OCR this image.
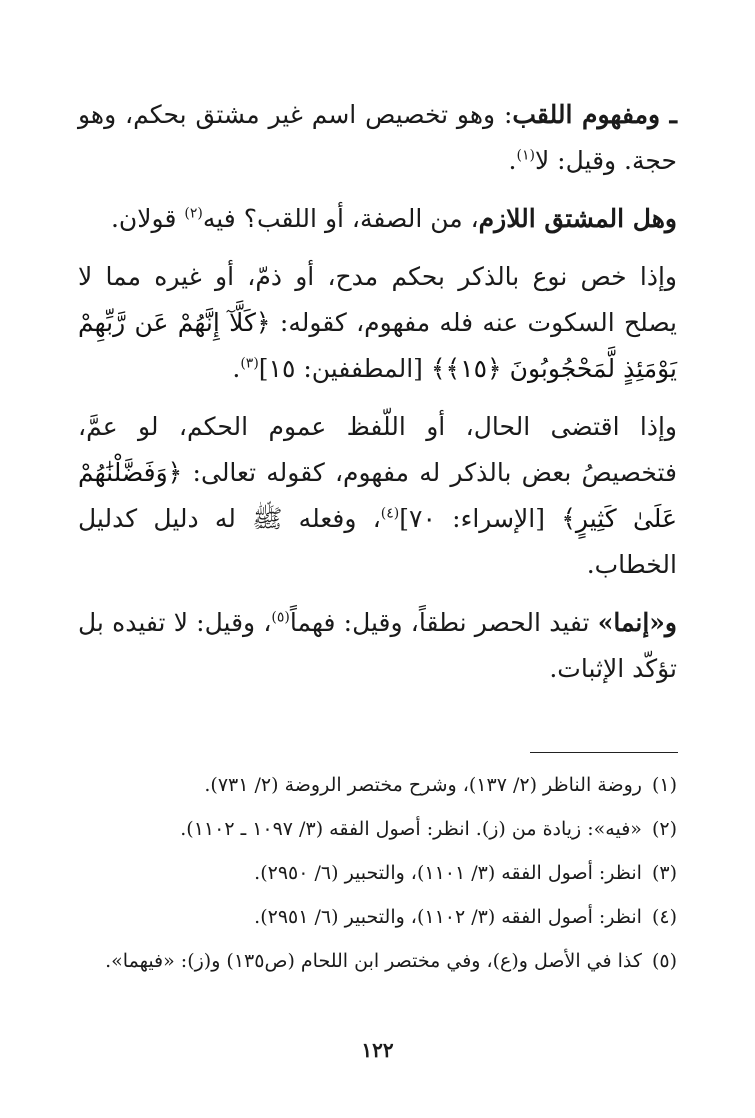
ـ ومفهوم اللقب: وهو تخصيص اسم غير مشتق بحكم، وهو حجة. وقيل: لا$^{(١)}$.

وهل المشتق اللازم، من الصفة، أو اللقب؟ فيه$^{(٢)}$ قولان.

وإذا خص نوع بالذكر بحكم مدح، أو ذمّ، أو غيره مما لا يصلح السكوت عنه فله مفهوم، كقوله: ﴿كَلَّآ إِنَّهُمْ عَن رَّبِّهِمْ يَوْمَئِذٍ لَّمَحْجُوبُونَ ﴿١٥﴾﴾ [المطففين: ١٥]$^{(٣)}$.

وإذا اقتضى الحال، أو اللّفظ عموم الحكم، لو عمَّ، فتخصيصُ بعض بالذكر له مفهوم، كقوله تعالى: ﴿وَفَضَّلْنَٰهُمْ عَلَىٰ كَثِيرٍ﴾ [الإسراء: ٧٠]$^{(٤)}$، وفعله ﷺ له دليل كدليل الخطاب.

و«إنما» تفيد الحصر نطقاً، وقيل: فهماً$^{(٥)}$، وقيل: لا تفيده بل تؤكّد الإثبات.

(١)
روضة الناظر (٢/ ١٣٧)، وشرح مختصر الروضة (٢/ ٧٣١).
(٢)
«فيه»: زيادة من (ز). انظر: أصول الفقه (٣/ ١٠٩٧ ـ ١١٠٢).
(٣)
انظر: أصول الفقه (٣/ ١١٠١)، والتحبير (٦/ ٢٩٥٠).
(٤)
انظر: أصول الفقه (٣/ ١١٠٢)، والتحبير (٦/ ٢٩٥١).
(٥)
كذا في الأصل و(ع)، وفي مختصر ابن اللحام (ص١٣٥) و(ز): «فيهما».
١٢٢
